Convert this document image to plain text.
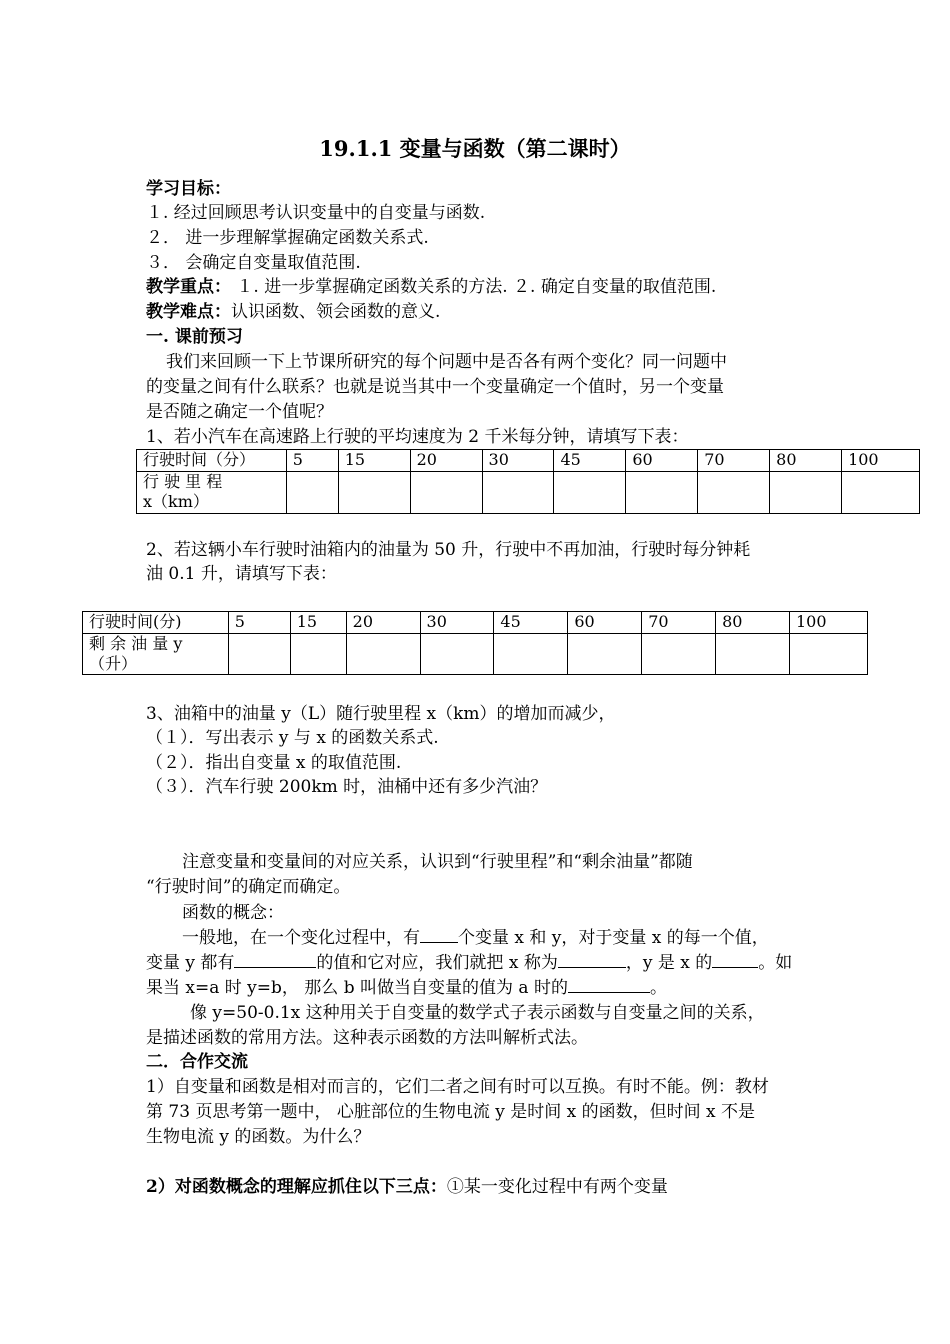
19.1.1 变量与函数（第二课时）
学习目标：
１. 经过回顾思考认识变量中的自变量与函数.
２． 进一步理解掌握确定函数关系式.
３． 会确定自变量取值范围.
教学重点： １. 进一步掌握确定函数关系的方法. ２. 确定自变量的取值范围.
教学难点：认识函数、领会函数的意义.
一. 课前预习
我们来回顾一下上节课所研究的每个问题中是否各有两个变化？同一问题中
的变量之间有什么联系？也就是说当其中一个变量确定一个值时，另一个变量
是否随之确定一个值呢？
1、若小汽车在高速路上行驶的平均速度为 2 千米每分钟，请填写下表：
行驶时间（分）	5	15	20	30	45	60	70	80	100

行 驶 里 程
x（km）									

2、若这辆小车行驶时油箱内的油量为 50 升，行驶中不再加油，行驶时每分钟耗
油 0.1 升，请填写下表：
行驶时间(分)	5	15	20	30	45	60	70	80	100

剩 余 油 量 y
（升）									

3、油箱中的油量 y（L）随行驶里程 x（km）的增加而减少，
（１）．写出表示 y 与 x 的函数关系式.
（２）．指出自变量 x 的取值范围.
（３）．汽车行驶 200km 时，油桶中还有多少汽油？
注意变量和变量间的对应关系，认识到“行驶里程”和“剩余油量”都随
“行驶时间”的确定而确定。
函数的概念：
一般地，在一个变化过程中，有 个变量 x 和 y，对于变量 x 的每一个值，
变量 y 都有	的值和它对应，我们就把 x 称为	，y 是 x 的	。如
果当 x=a 时 y=b， 那么 b 叫做当自变量的值为 a 时的	。
像 y=50-0.1x 这种用关于自变量的数学式子表示函数与自变量之间的关系，
是描述函数的常用方法。这种表示函数的方法叫解析式法。
二．合作交流
1）自变量和函数是相对而言的，它们二者之间有时可以互换。有时不能。例：教材
第 73 页思考第一题中， 心脏部位的生物电流 y 是时间 x 的函数，但时间 x 不是
生物电流 y 的函数。为什么？
2）对函数概念的理解应抓住以下三点：①某一变化过程中有两个变量
